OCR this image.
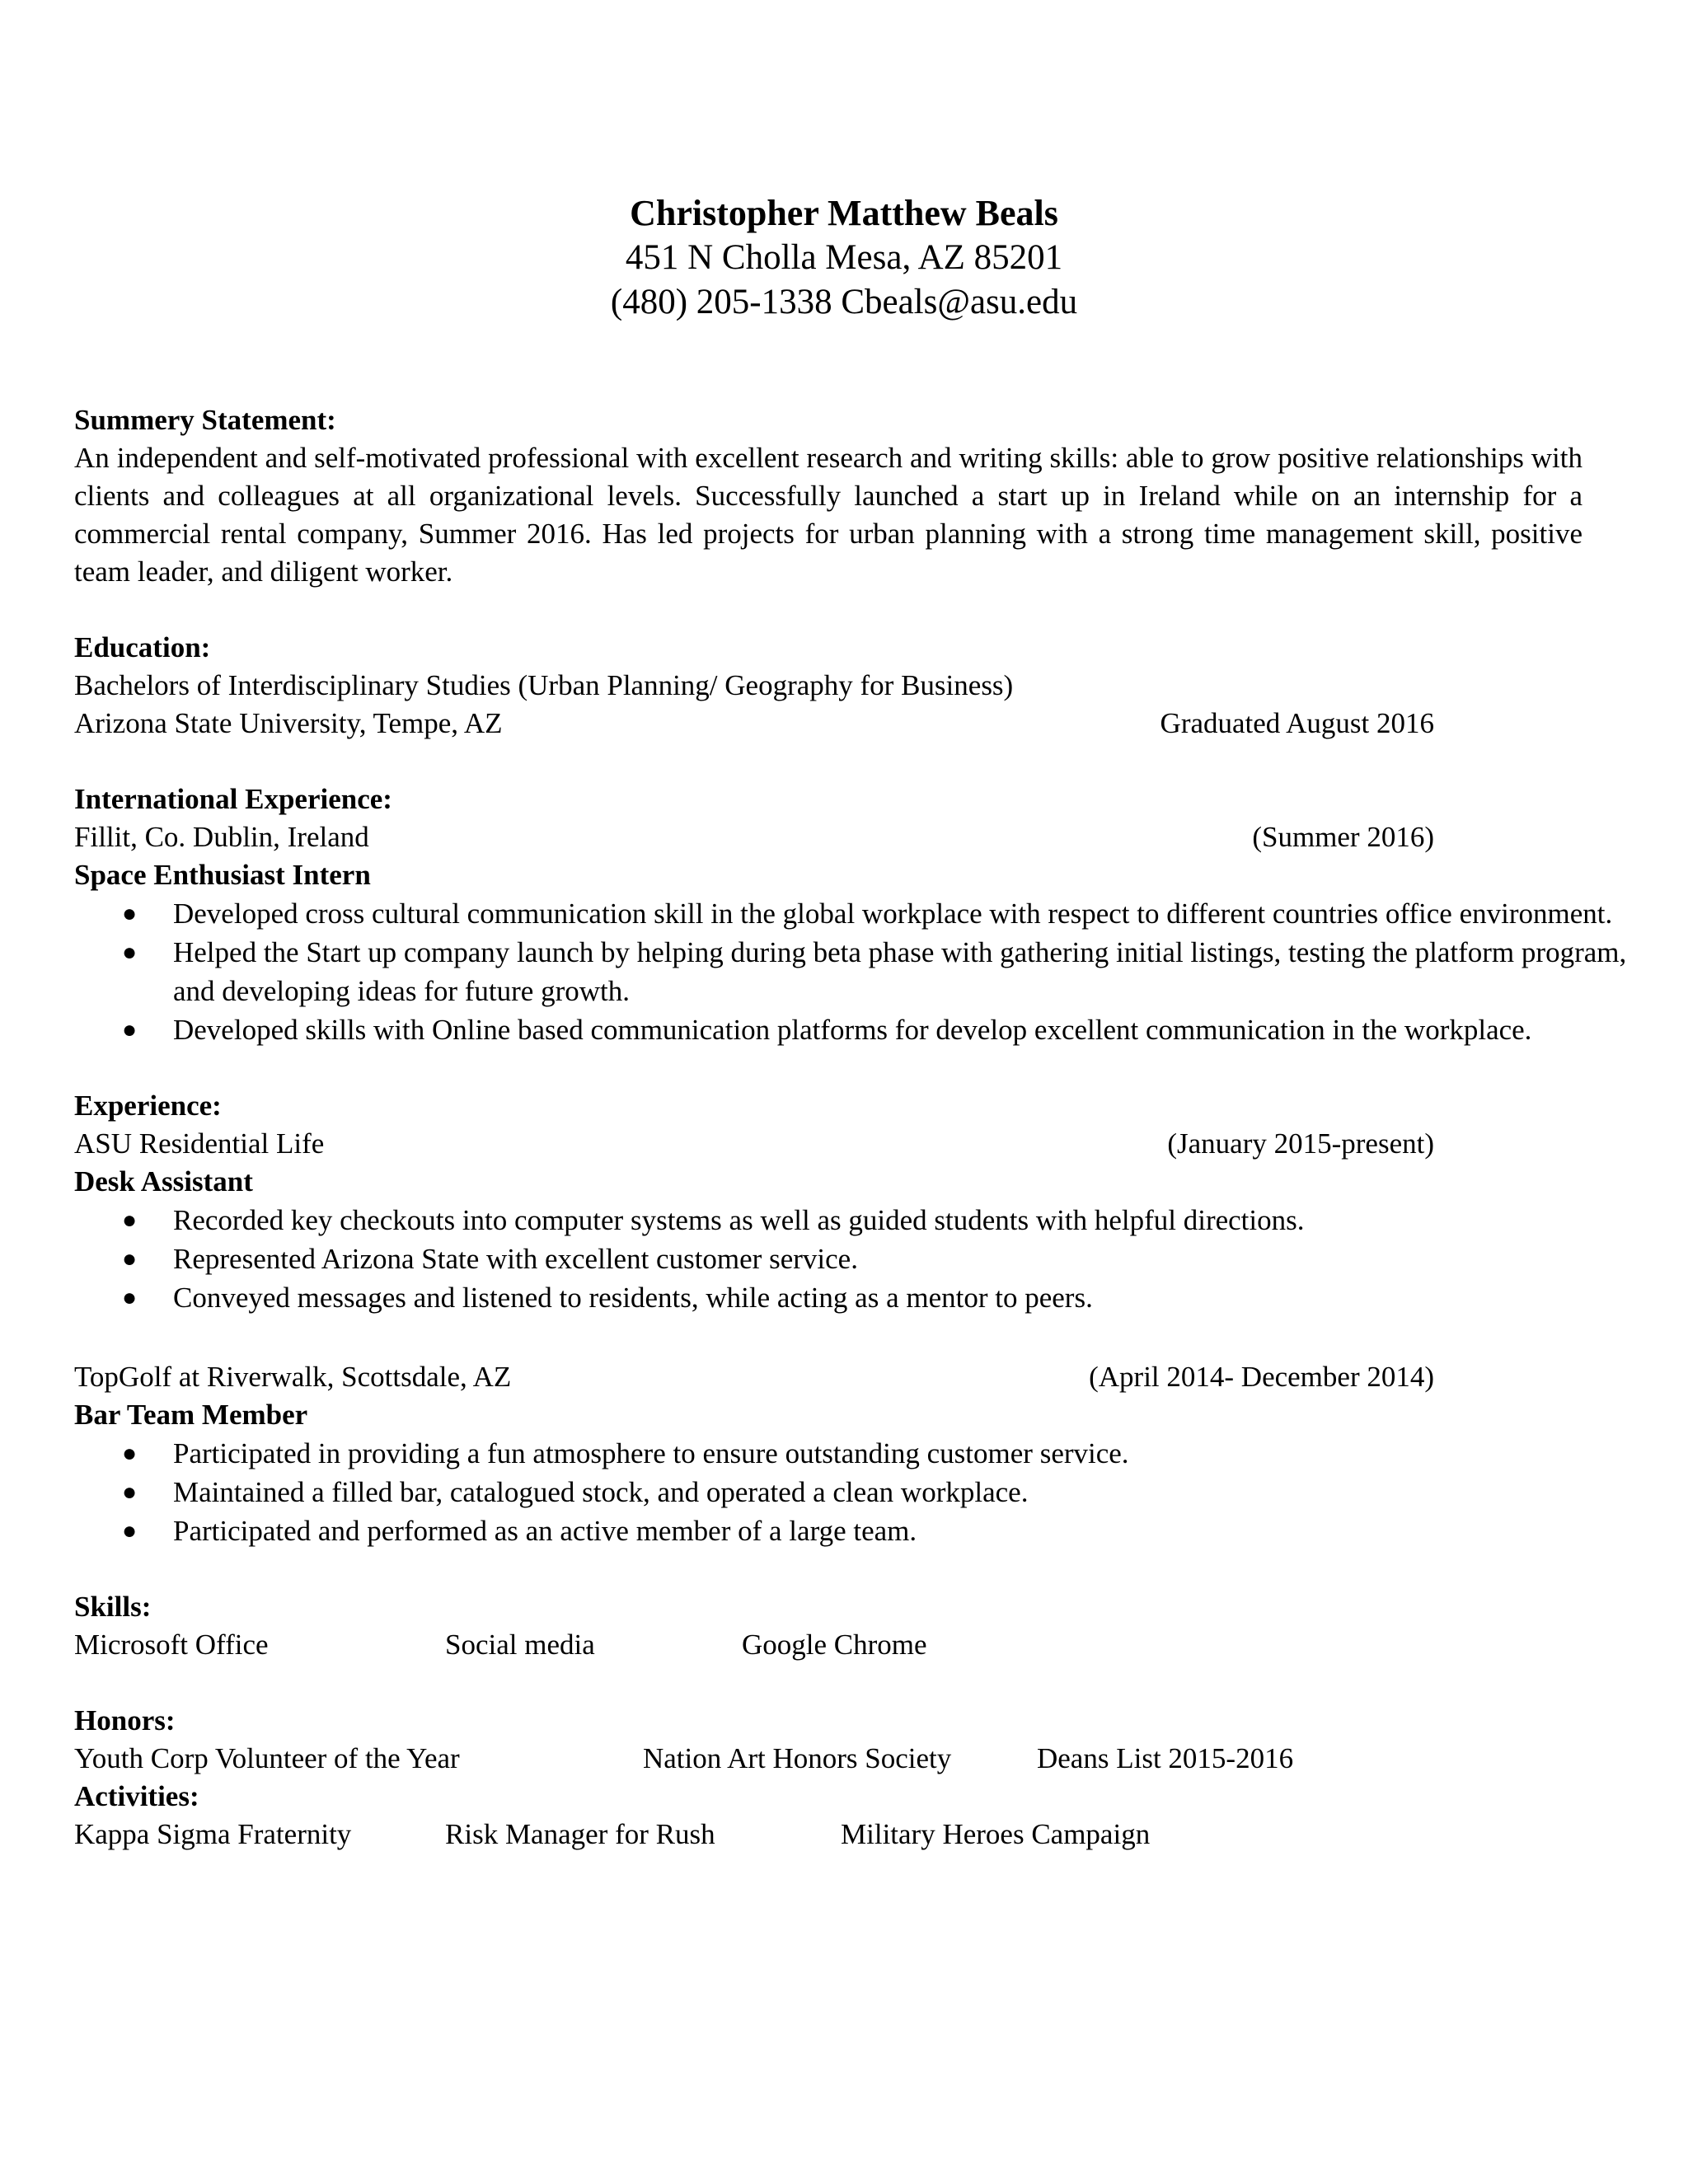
Christopher Matthew Beals
451 N Cholla Mesa, AZ 85201
(480) 205-1338 Cbeals@asu.edu
Summery Statement:
An independent and self-motivated professional with excellent research and writing skills: able to grow positive relationships with clients and colleagues at all organizational levels. Successfully launched a start up in Ireland while on an internship for a commercial rental company, Summer 2016. Has led projects for urban planning with a strong time management skill, positive team leader, and diligent worker.
Education:
Bachelors of Interdisciplinary Studies (Urban Planning/ Geography for Business)
Arizona State University, Tempe, AZ	Graduated August 2016
International Experience:
Fillit, Co. Dublin, Ireland	(Summer 2016)
Space Enthusiast Intern
● Developed cross cultural communication skill in the global workplace with respect to different countries office environment.
● Helped the Start up company launch by helping during beta phase with gathering initial listings, testing the platform program, and developing ideas for future growth.
● Developed skills with Online based communication platforms for develop excellent communication in the workplace.
Experience:
ASU Residential Life	(January 2015-present)
Desk Assistant
● Recorded key checkouts into computer systems as well as guided students with helpful directions.
● Represented Arizona State with excellent customer service.
● Conveyed messages and listened to residents, while acting as a mentor to peers.
TopGolf at Riverwalk, Scottsdale, AZ	(April 2014- December 2014)
Bar Team Member
● Participated in providing a fun atmosphere to ensure outstanding customer service.
● Maintained a filled bar, catalogued stock, and operated a clean workplace.
● Participated and performed as an active member of a large team.
Skills:
Microsoft Office	Social media	Google Chrome
Honors:
Youth Corp Volunteer of the Year	Nation Art Honors Society	Deans List 2015-2016
Activities:
Kappa Sigma Fraternity	Risk Manager for Rush	Military Heroes Campaign
